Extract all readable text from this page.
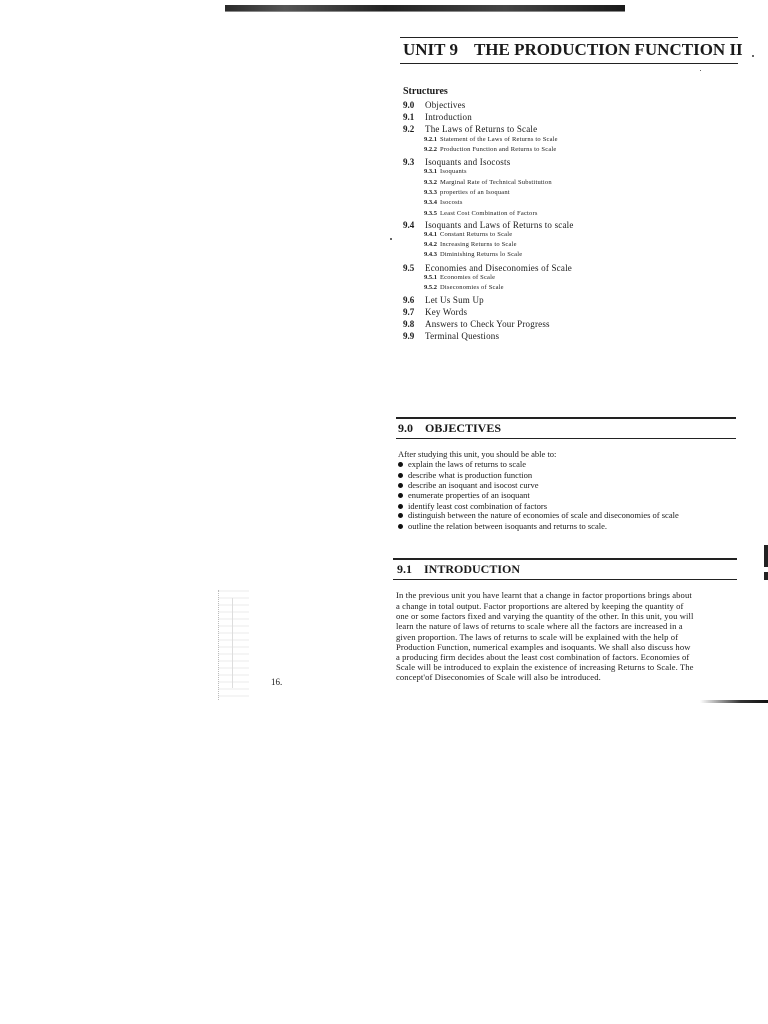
UNIT 9 THE PRODUCTION FUNCTION II
Structures
9.0 Objectives
9.1 Introduction
9.2 The Laws of Returns to Scale
9.2.1 Statement of the Laws of Returns to Scale
9.2.2 Production Function and Returns to Scale
9.3 Isoquants and Isocosts
9.3.1 Isoquants
9.3.2 Marginal Rate of Technical Substitution
9.3.3 properties of an Isoquant
9.3.4 Isocosts
9.3.5 Least Cost Combination of Factors
9.4 Isoquants and Laws of Returns to scale
9.4.1 Constant Returns to Scale
9.4.2 Increasing Returns to Scale
9.4.3 Diminishing Returns lo Scale
9.5 Economies and Diseconomies of Scale
9.5.1 Economies of Scale
9.5.2 Diseconomies of Scale
9.6 Let Us Sum Up
9.7 Key Words
9.8 Answers to Check Your Progress
9.9 Terminal Questions
9.0 OBJECTIVES
After studying this unit, you should be able to:
explain the laws of returns to scale
describe what is production function
describe an isoquant and isocost curve
enumerate properties of an isoquant
identify least cost combination of factors
distinguish between the nature of economies of scale and diseconomies of scale
outline the relation between isoquants and returns to scale.
9.1 INTRODUCTION
In the previous unit you have learnt that a change in factor proportions brings about
a change in total output. Factor proportions are altered by keeping the quantity of
one or some factors fixed and varying the quantity of the other. In this unit, you will
learn the nature of laws of returns to scale where all the factors are increased in a
given proportion. The laws of returns to scale will be explained with the help of
Production Function, numerical examples and isoquants. We shall also discuss how
a producing firm decides about the least cost combination of factors. Economies of
Scale will be introduced to explain the existence of increasing Returns to Scale. The
concept'of Diseconomies of Scale will also be introduced.
16.
